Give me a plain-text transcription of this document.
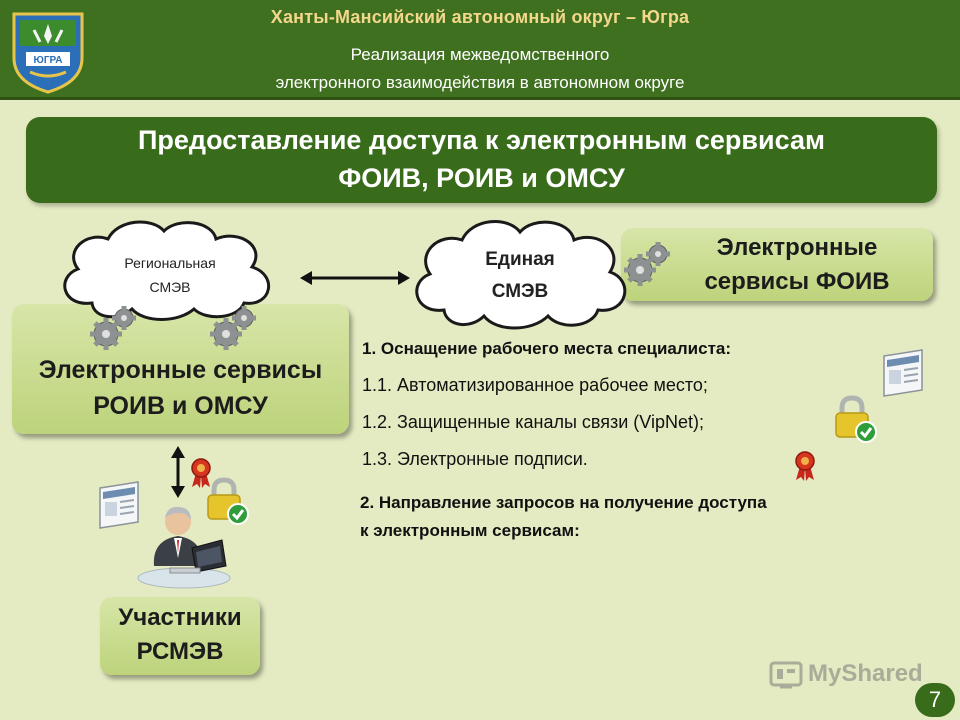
ЮГРА
Ханты-Мансийский автономный округ – Югра
Реализация межведомственного
электронного взаимодействия в автономном округе
Предоставление доступа к электронным сервисам
ФОИВ, РОИВ и ОМСУ
Электронные
сервисы ФОИВ
Электронные сервисы
РОИВ и ОМСУ
Региональная
СМЭВ
Единая
СМЭВ
1. Оснащение рабочего места специалиста:
1.1. Автоматизированное рабочее место;
1.2. Защищенные каналы связи (VipNet);
1.3. Электронные подписи.
2. Направление запросов на получение доступа
к электронным сервисам:
Участники
РСМЭВ
MyShared
7
